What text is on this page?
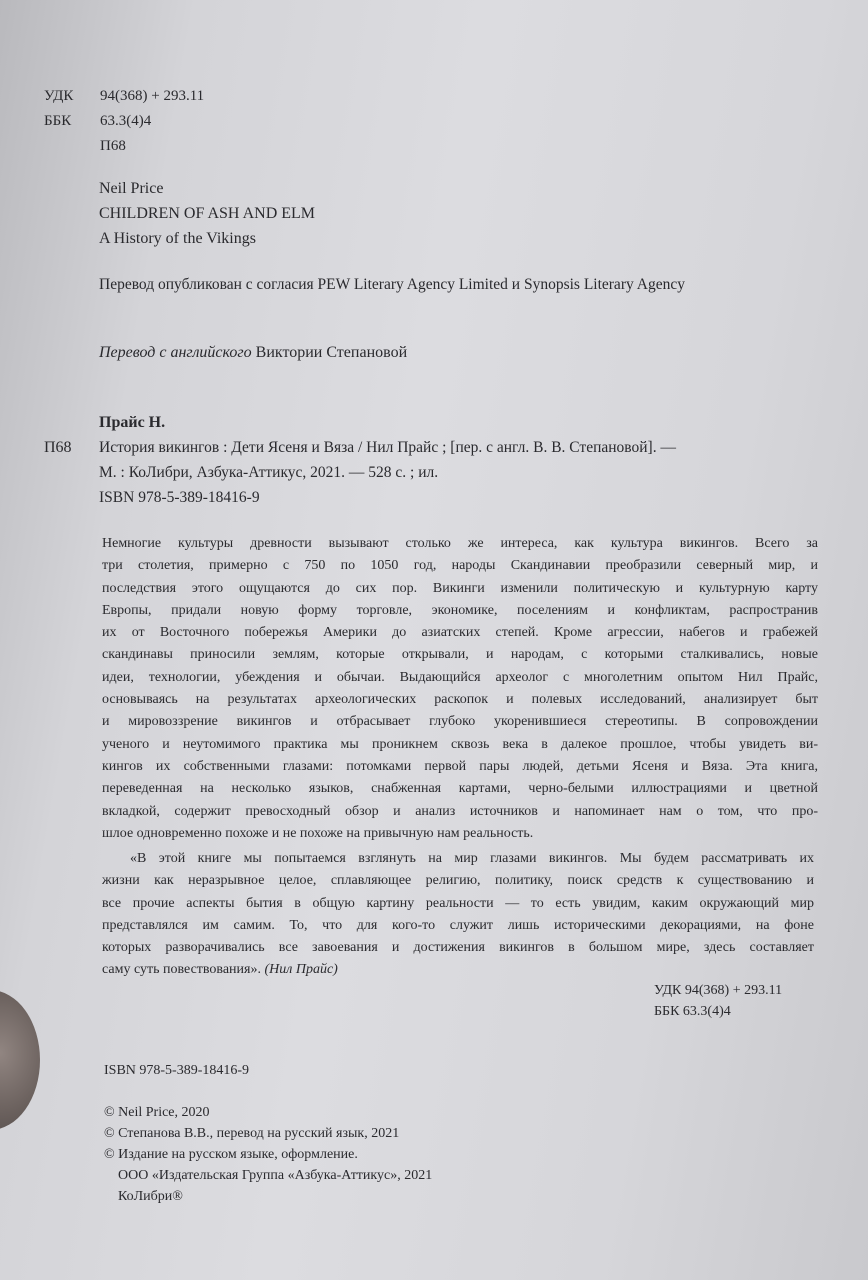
УДК 94(368) + 293.11
ББК 63.3(4)4
П68
Neil Price
CHILDREN OF ASH AND ELM
A History of the Vikings
Перевод опубликован с согласия PEW Literary Agency Limited и Synopsis Literary Agency
Перевод с английского Виктории Степановой
Прайс Н.
П68 История викингов : Дети Ясеня и Вяза / Нил Прайс ; [пер. с англ. В. В. Степановой]. —
М. : КоЛибри, Азбука-Аттикус, 2021. — 528 с. ; ил.
ISBN 978-5-389-18416-9
Немногие культуры древности вызывают столько же интереса, как культура викингов. Всего за
три столетия, примерно с 750 по 1050 год, народы Скандинавии преобразили северный мир, и
последствия этого ощущаются до сих пор. Викинги изменили политическую и культурную карту
Европы, придали новую форму торговле, экономике, поселениям и конфликтам, распространив
их от Восточного побережья Америки до азиатских степей. Кроме агрессии, набегов и грабежей
скандинавы приносили землям, которые открывали, и народам, с которыми сталкивались, новые
идеи, технологии, убеждения и обычаи. Выдающийся археолог с многолетним опытом Нил Прайс,
основываясь на результатах археологических раскопок и полевых исследований, анализирует быт
и мировоззрение викингов и отбрасывает глубоко укоренившиеся стереотипы. В сопровождении
ученого и неутомимого практика мы проникнем сквозь века в далекое прошлое, чтобы увидеть ви-
кингов их собственными глазами: потомками первой пары людей, детьми Ясеня и Вяза. Эта книга,
переведенная на несколько языков, снабженная картами, черно-белыми иллюстрациями и цветной
вкладкой, содержит превосходный обзор и анализ источников и напоминает нам о том, что про-
шлое одновременно похоже и не похоже на привычную нам реальность.
«В этой книге мы попытаемся взглянуть на мир глазами викингов. Мы будем рассматривать их
жизни как неразрывное целое, сплавляющее религию, политику, поиск средств к существованию и
все прочие аспекты бытия в общую картину реальности — то есть увидим, каким окружающий мир
представлялся им самим. То, что для кого-то служит лишь историческими декорациями, на фоне
которых разворачивались все завоевания и достижения викингов в большом мире, здесь составляет
саму суть повествования». (Нил Прайс)
УДК 94(368) + 293.11
ББК 63.3(4)4
ISBN 978-5-389-18416-9
© Neil Price, 2020
© Степанова В.В., перевод на русский язык, 2021
© Издание на русском языке, оформление.
ООО «Издательская Группа «Азбука-Аттикус», 2021
КоЛибри®
